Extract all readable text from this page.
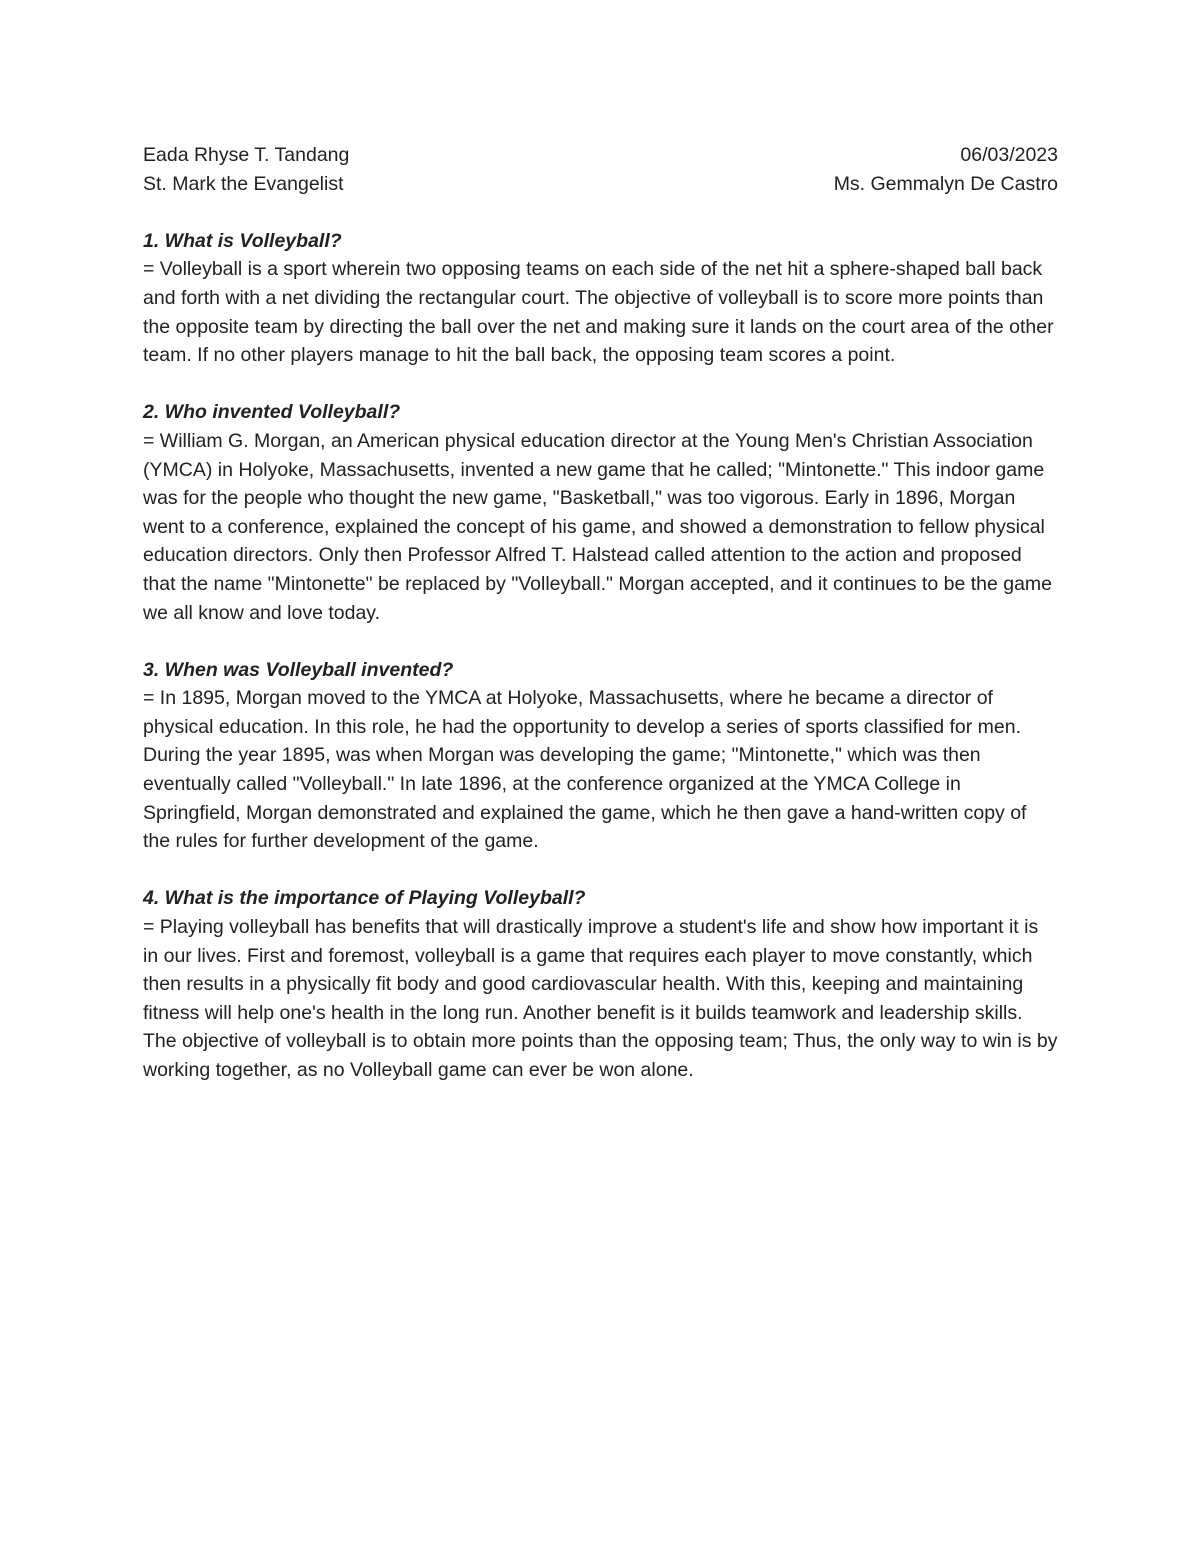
Eada Rhyse T. Tandang	06/03/2023
St. Mark the Evangelist	Ms. Gemmalyn De Castro
1. What is Volleyball?

= Volleyball is a sport wherein two opposing teams on each side of the net hit a sphere-shaped ball back and forth with a net dividing the rectangular court. The objective of volleyball is to score more points than the opposite team by directing the ball over the net and making sure it lands on the court area of the other team. If no other players manage to hit the ball back, the opposing team scores a point.

2. Who invented Volleyball?

= William G. Morgan, an American physical education director at the Young Men's Christian Association (YMCA) in Holyoke, Massachusetts, invented a new game that he called; "Mintonette." This indoor game was for the people who thought the new game, "Basketball," was too vigorous. Early in 1896, Morgan went to a conference, explained the concept of his game, and showed a demonstration to fellow physical education directors. Only then Professor Alfred T. Halstead called attention to the action and proposed that the name "Mintonette" be replaced by "Volleyball." Morgan accepted, and it continues to be the game we all know and love today.

3. When was Volleyball invented?

= In 1895, Morgan moved to the YMCA at Holyoke, Massachusetts, where he became a director of physical education. In this role, he had the opportunity to develop a series of sports classified for men. During the year 1895, was when Morgan was developing the game; "Mintonette," which was then eventually called "Volleyball." In late 1896, at the conference organized at the YMCA College in Springfield, Morgan demonstrated and explained the game, which he then gave a hand-written copy of the rules for further development of the game.

4. What is the importance of Playing Volleyball?

= Playing volleyball has benefits that will drastically improve a student's life and show how important it is in our lives. First and foremost, volleyball is a game that requires each player to move constantly, which then results in a physically fit body and good cardiovascular health. With this, keeping and maintaining fitness will help one's health in the long run. Another benefit is it builds teamwork and leadership skills. The objective of volleyball is to obtain more points than the opposing team; Thus, the only way to win is by working together, as no Volleyball game can ever be won alone.
